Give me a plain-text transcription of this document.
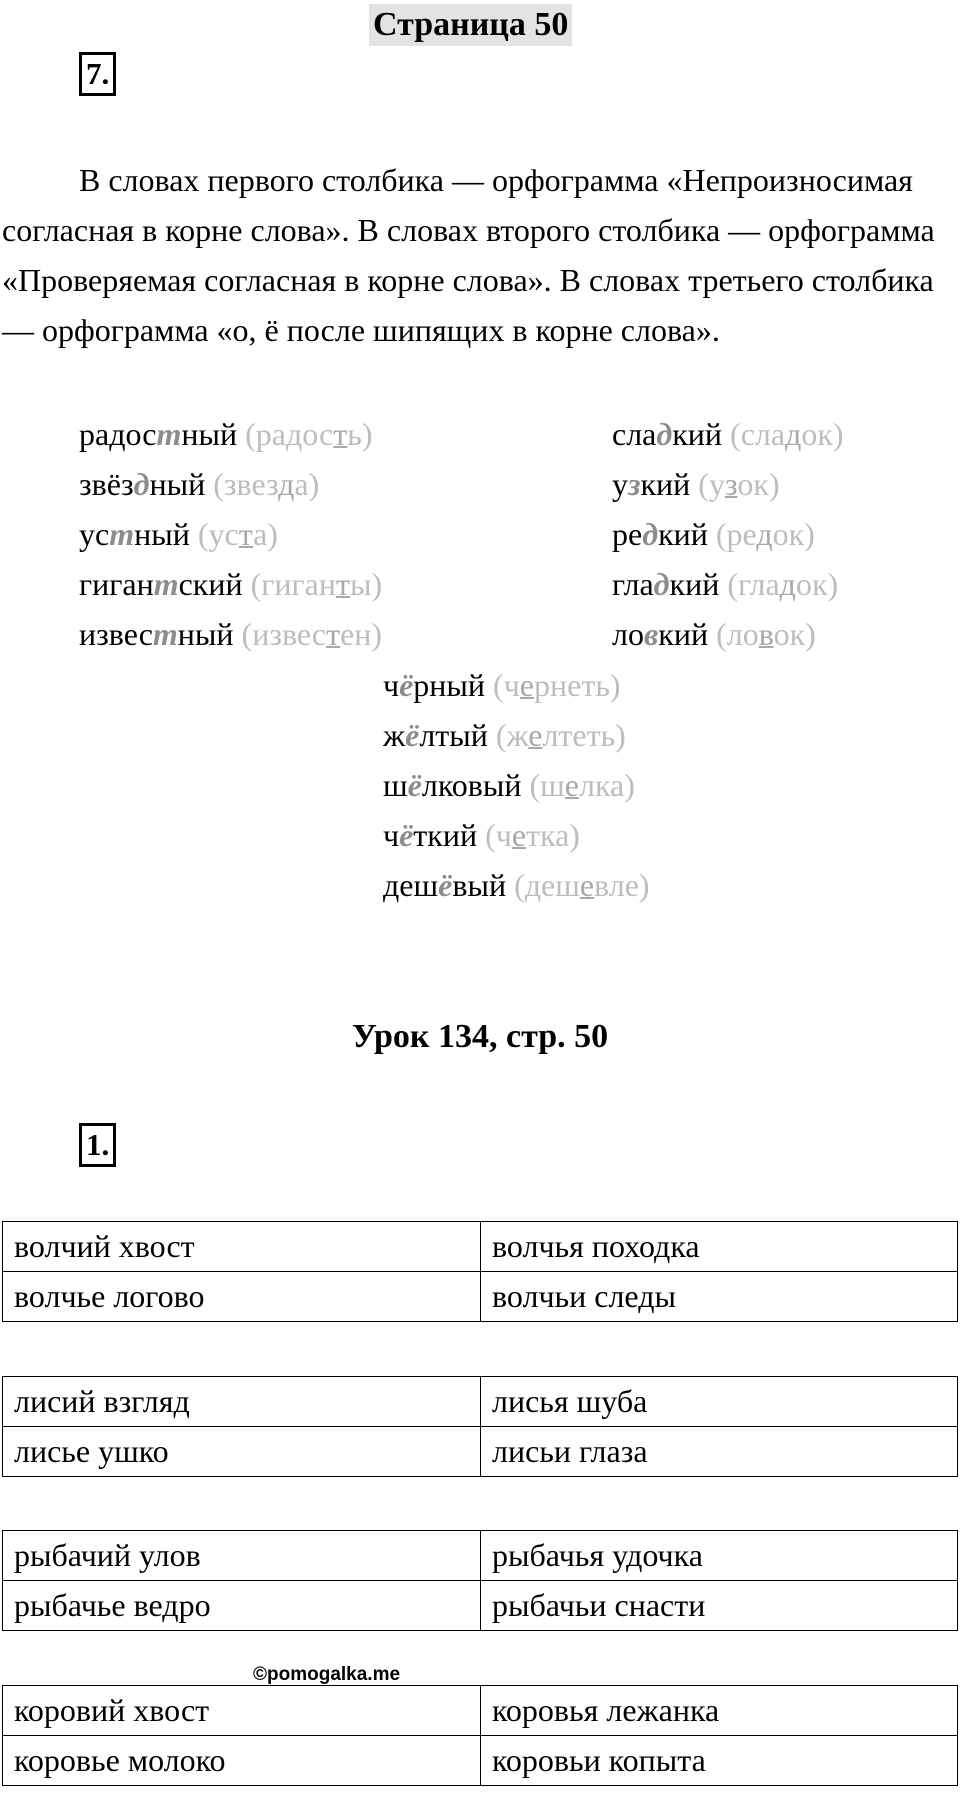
Страница 50
7.

В словах первого столбика — орфограмма «Непроизносимая согласная в корне слова». В словах второго столбика — орфограмма «Проверяемая согласная в корне слова». В словах третьего столбика — орфограмма «о, ё после шипящих в корне слова».

радостный (радость)
звёздный (звезда)
устный (уста)
гигантский (гиганты)
известный (известен)
сладкий (сладок)
узкий (узок)
редкий (редок)
гладкий (гладок)
ловкий (ловок)
чёрный (чернеть)
жёлтый (желтеть)
шёлковый (шелка)
чёткий (четка)
дешёвый (дешевле)
Урок 134, стр. 50
1.
волчий хвост	волчья походка
волчье логово	волчьи следы
лисий взгляд	лисья шуба
лисье ушко	лисьи глаза
рыбачий улов	рыбачья удочка
рыбачье ведро	рыбачьи снасти
©pomogalka.me
коровий хвост	коровья лежанка
коровье молоко	коровьи копыта
